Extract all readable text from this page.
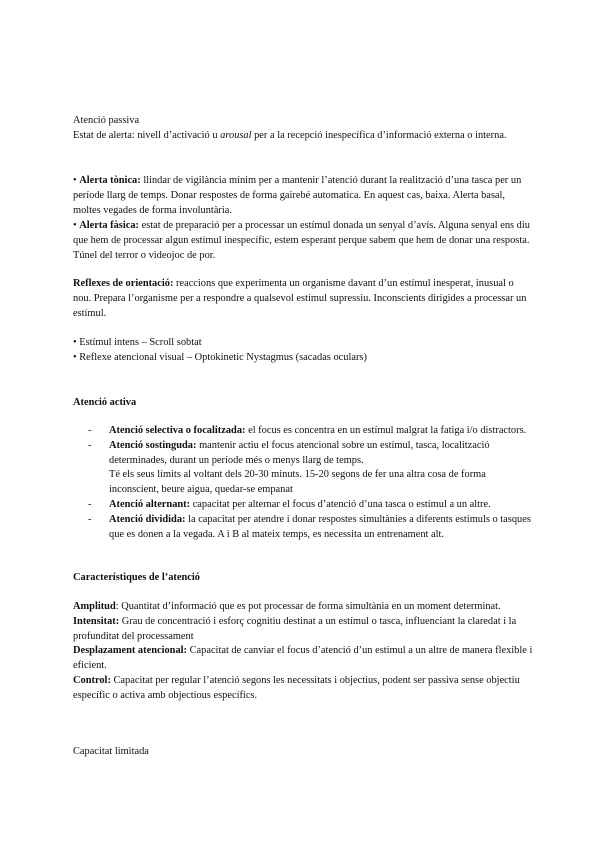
Atenció passiva

Estat de alerta: nivell d’activació u arousal per a la recepció inespecífica d’informació externa o interna.

• Alerta tònica: llindar de vigilància mínim per a mantenir l’atenció durant la realització d’una tasca per un període llarg de temps. Donar respostes de forma gairebé automatica. En aquest cas, baixa. Alerta basal, moltes vegades de forma involuntària.

• Alerta fàsica: estat de preparació per a processar un estímul donada un senyal d’avís. Alguna senyal ens diu que hem de processar algun estímul inespecífic, estem esperant perque sabem que hem de donar una resposta. Túnel del terror o videojoc de por.

Reflexes de orientació: reaccions que experimenta un organisme davant d’un estímul inesperat, inusual o nou. Prepara l’organisme per a respondre a qualsevol estímul supressiu. Inconscients dirigides a processar un estímul.

• Estímul intens – Scroll sobtat

• Reflexe atencional visual – Optokinetic Nystagmus (sacadas oculars)

Atenció activa

- Atenció selectiva o focalitzada: el focus es concentra en un estímul malgrat la fatiga i/o distractors.

- Atenció sostinguda: mantenir actiu el focus atencional sobre un estímul, tasca, localització determinades, durant un període més o menys llarg de temps.

Té els seus límits al voltant dels 20-30 minuts. 15-20 segons de fer una altra cosa de forma inconscient, beure aigua, quedar-se empanat

- Atenció alternant: capacitat per alternar el focus d’atenció d’una tasca o estímul a un altre.

- Atenció dividida: la capacitat per atendre i donar respostes simultànies a diferents estímuls o tasques que es donen a la vegada. A i B al mateix temps, es necessita un entrenament alt.

Característiques de l’atenció

Amplitud: Quantitat d’informació que es pot processar de forma simultània en un moment determinat.

Intensitat: Grau de concentració i esforç cognitiu destinat a un estímul o tasca, influenciant la claredat i la profunditat del processament

Desplazament atencional: Capacitat de canviar el focus d’atenció d’un estímul a un altre de manera flexible i eficient.

Control: Capacitat per regular l’atenció segons les necessitats i objectius, podent ser passiva sense objectiu específic o activa amb objectious específics.

Capacitat limitada
